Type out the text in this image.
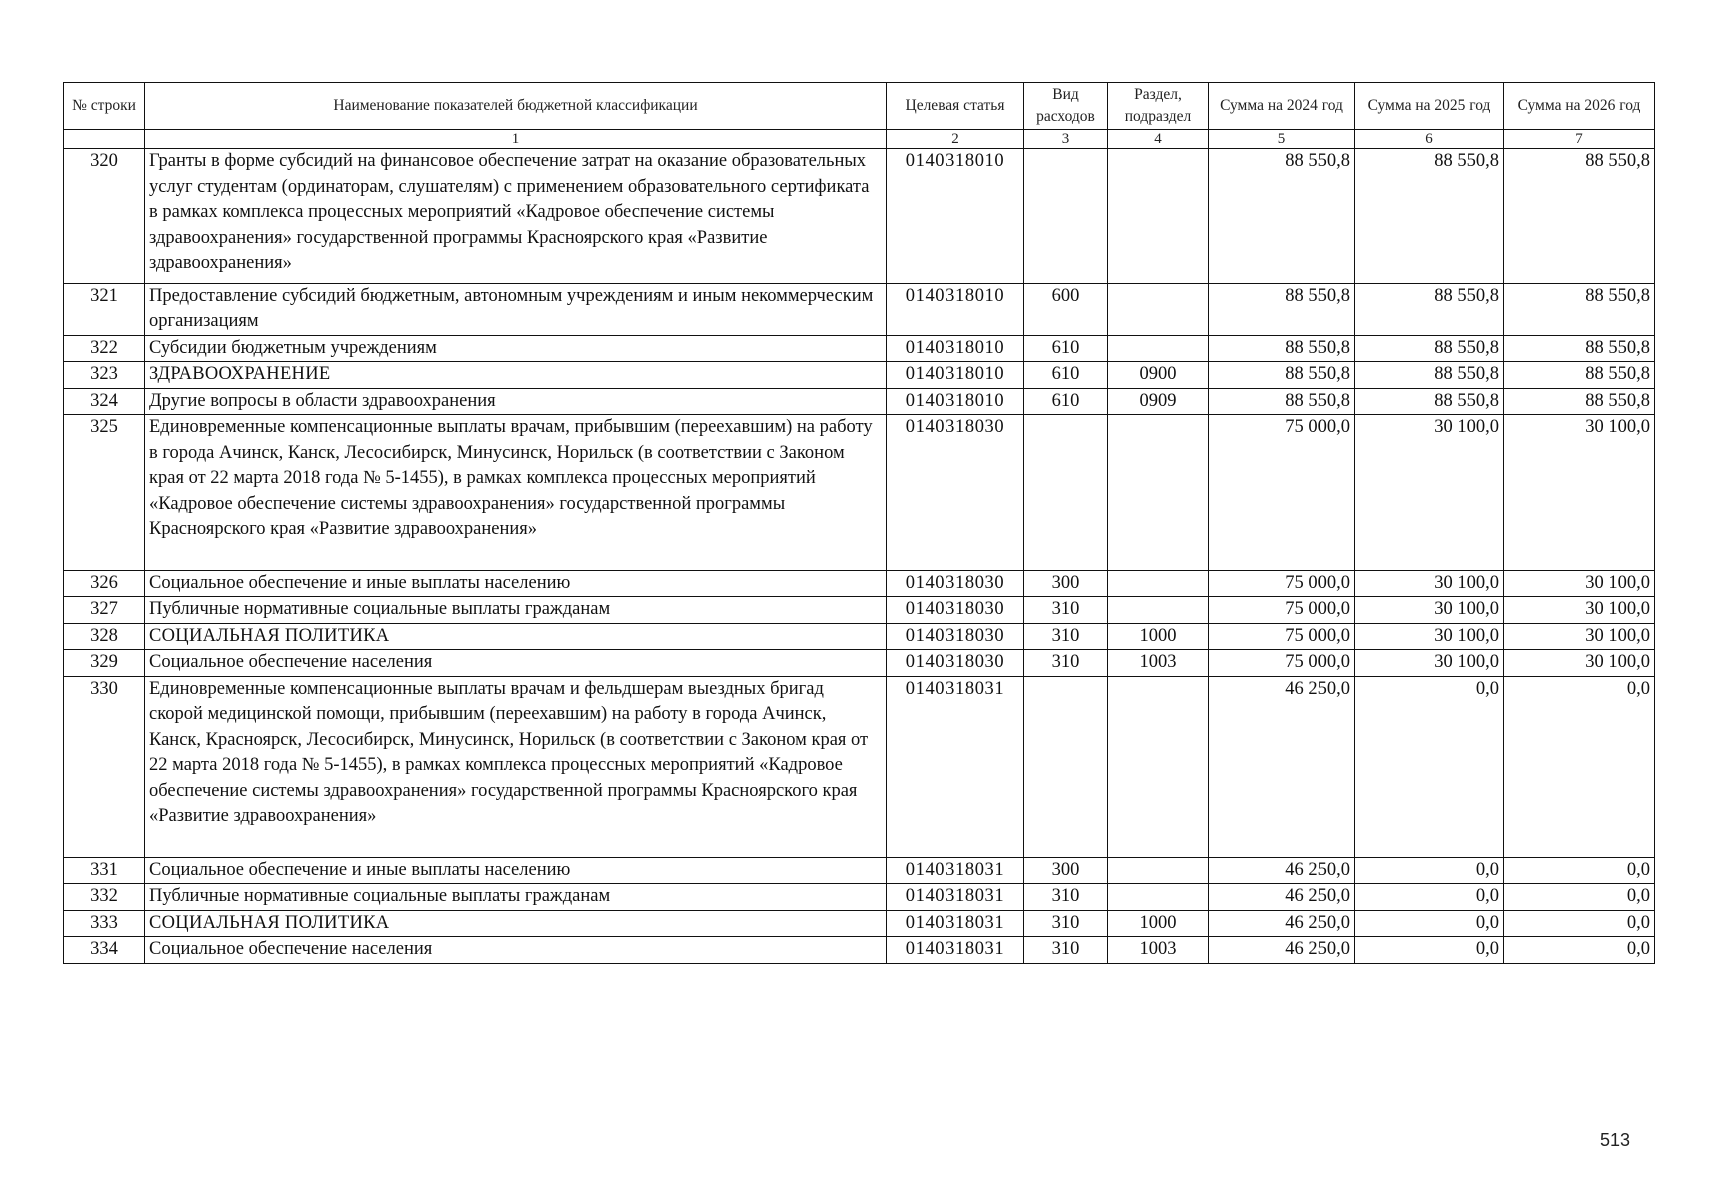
№ строки	Наименование показателей бюджетной классификации	Целевая статья	Вид расходов	Раздел, подраздел	Сумма на 2024 год	Сумма на 2025 год	Сумма на 2026 год
	1	2	3	4	5	6	7
320	Гранты в форме субсидий на финансовое обеспечение затрат на оказание образовательных услуг студентам (ординаторам, слушателям) с применением образовательного сертификата в рамках комплекса процессных мероприятий «Кадровое обеспечение системы здравоохранения» государственной программы Красноярского края «Развитие здравоохранения»	0140318010			88 550,8	88 550,8	88 550,8
321	Предоставление субсидий бюджетным, автономным учреждениям и иным некоммерческим организациям	0140318010	600		88 550,8	88 550,8	88 550,8
322	Субсидии бюджетным учреждениям	0140318010	610		88 550,8	88 550,8	88 550,8
323	ЗДРАВООХРАНЕНИЕ	0140318010	610	0900	88 550,8	88 550,8	88 550,8
324	Другие вопросы в области здравоохранения	0140318010	610	0909	88 550,8	88 550,8	88 550,8
325	Единовременные компенсационные выплаты врачам, прибывшим (переехавшим) на работу в города Ачинск, Канск, Лесосибирск, Минусинск, Норильск (в соответствии с Законом края от 22 марта 2018 года № 5-1455), в рамках комплекса процессных мероприятий «Кадровое обеспечение системы здравоохранения» государственной программы Красноярского края «Развитие здравоохранения»	0140318030			75 000,0	30 100,0	30 100,0
326	Социальное обеспечение и иные выплаты населению	0140318030	300		75 000,0	30 100,0	30 100,0
327	Публичные нормативные социальные выплаты гражданам	0140318030	310		75 000,0	30 100,0	30 100,0
328	СОЦИАЛЬНАЯ ПОЛИТИКА	0140318030	310	1000	75 000,0	30 100,0	30 100,0
329	Социальное обеспечение населения	0140318030	310	1003	75 000,0	30 100,0	30 100,0
330	Единовременные компенсационные выплаты врачам и фельдшерам выездных бригад скорой медицинской помощи, прибывшим (переехавшим) на работу в города Ачинск, Канск, Красноярск, Лесосибирск, Минусинск, Норильск (в соответствии с Законом края от 22 марта 2018 года № 5-1455), в рамках комплекса процессных мероприятий «Кадровое обеспечение системы здравоохранения» государственной программы Красноярского края «Развитие здравоохранения»	0140318031			46 250,0	0,0	0,0
331	Социальное обеспечение и иные выплаты населению	0140318031	300		46 250,0	0,0	0,0
332	Публичные нормативные социальные выплаты гражданам	0140318031	310		46 250,0	0,0	0,0
333	СОЦИАЛЬНАЯ ПОЛИТИКА	0140318031	310	1000	46 250,0	0,0	0,0
334	Социальное обеспечение населения	0140318031	310	1003	46 250,0	0,0	0,0
513
